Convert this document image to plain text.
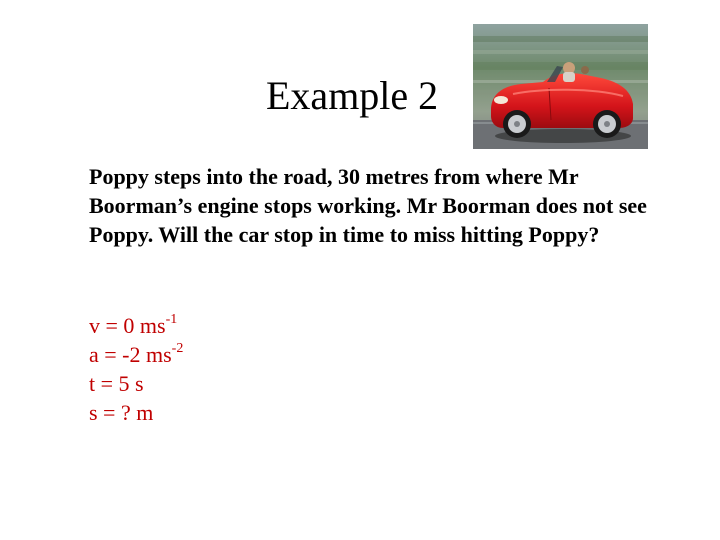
Example 2
Poppy steps into the road, 30 metres from where Mr Boorman’s engine stops working. Mr Boorman does not see Poppy. Will the car stop in time to miss hitting Poppy?
v = 0 $ms^{-1}$
a = -2 $ms^{-2}$
t = 5 s
s = ? m
